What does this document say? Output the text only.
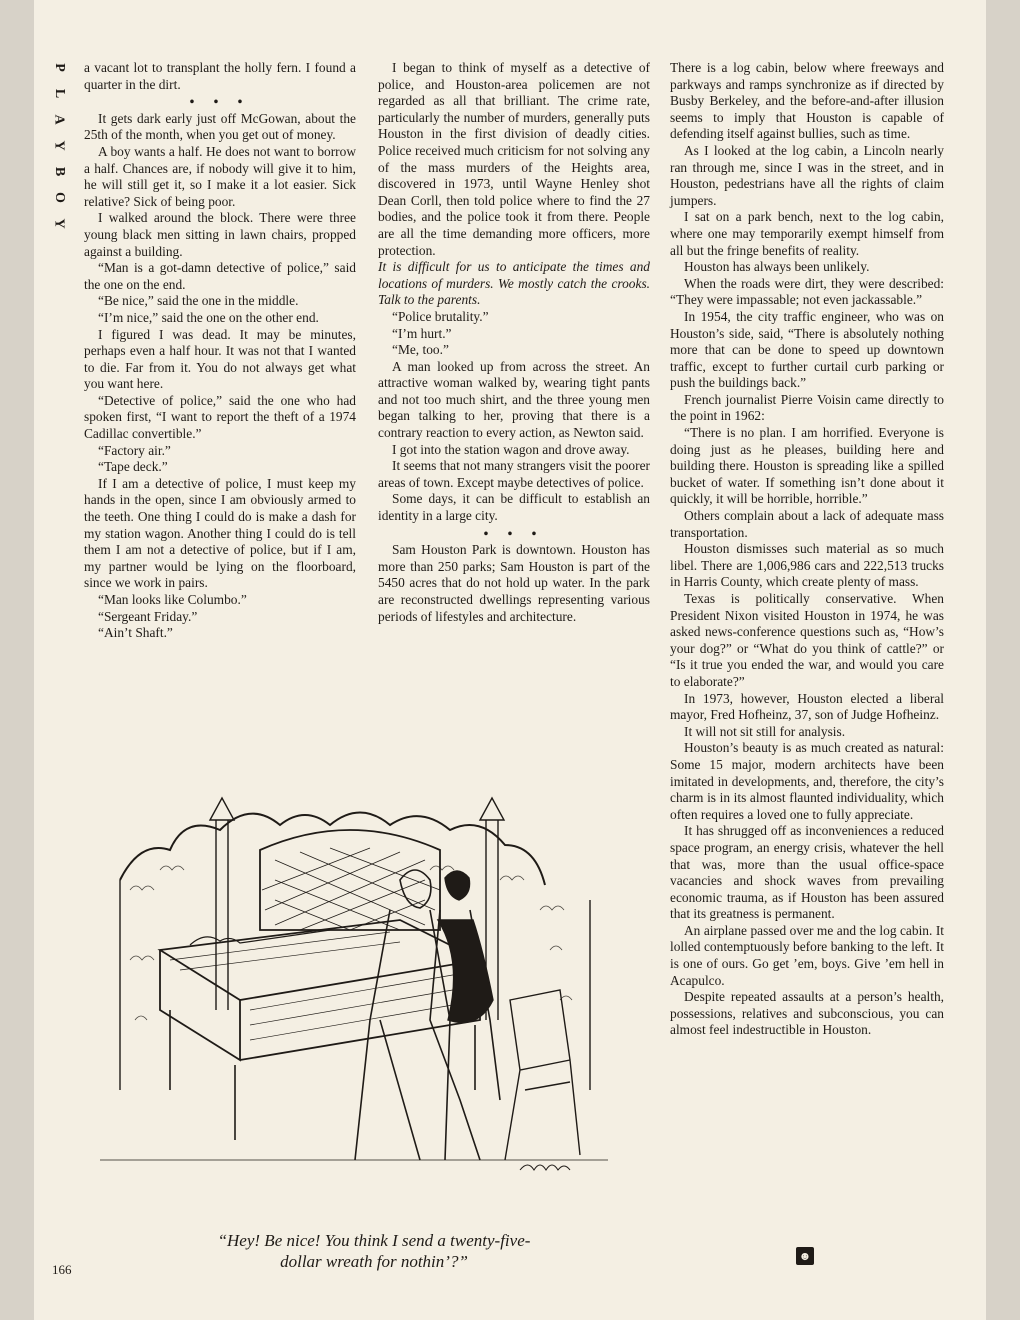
P
L
A
Y
B
O
Y

a vacant lot to transplant the holly fern. I found a quarter in the dirt.

• • •

It gets dark early just off McGowan, about the 25th of the month, when you get out of money.

A boy wants a half. He does not want to borrow a half. Chances are, if nobody will give it to him, he will still get it, so I make it a lot easier. Sick relative? Sick of being poor.

I walked around the block. There were three young black men sitting in lawn chairs, propped against a building.

“Man is a got-damn detective of police,” said the one on the end.

“Be nice,” said the one in the middle.

“I’m nice,” said the one on the other end.

I figured I was dead. It may be minutes, perhaps even a half hour. It was not that I wanted to die. Far from it. You do not always get what you want here.

“Detective of police,” said the one who had spoken first, “I want to report the theft of a 1974 Cadillac convertible.”

“Factory air.”

“Tape deck.”

If I am a detective of police, I must keep my hands in the open, since I am obviously armed to the teeth. One thing I could do is make a dash for my station wagon. Another thing I could do is tell them I am not a detective of police, but if I am, my partner would be lying on the floorboard, since we work in pairs.

“Man looks like Columbo.”

“Sergeant Friday.”

“Ain’t Shaft.”

I began to think of myself as a detective of police, and Houston-area policemen are not regarded as all that brilliant. The crime rate, particularly the number of murders, generally puts Houston in the first division of deadly cities. Police received much criticism for not solving any of the mass murders of the Heights area, discovered in 1973, until Wayne Henley shot Dean Corll, then told police where to find the 27 bodies, and the police took it from there. People are all the time demanding more officers, more protection.

It is difficult for us to anticipate the times and locations of murders. We mostly catch the crooks. Talk to the parents.

“Police brutality.”

“I’m hurt.”

“Me, too.”

A man looked up from across the street. An attractive woman walked by, wearing tight pants and not too much shirt, and the three young men began talking to her, proving that there is a contrary reaction to every action, as Newton said.

I got into the station wagon and drove away.

It seems that not many strangers visit the poorer areas of town. Except maybe detectives of police.

Some days, it can be difficult to establish an identity in a large city.

• • •

Sam Houston Park is downtown. Houston has more than 250 parks; Sam Houston is part of the 5450 acres that do not hold up water. In the park are reconstructed dwellings representing various periods of lifestyles and architecture.

There is a log cabin, below where freeways and parkways and ramps synchronize as if directed by Busby Berkeley, and the before-and-after illusion seems to imply that Houston is capable of defending itself against bullies, such as time.

As I looked at the log cabin, a Lincoln nearly ran through me, since I was in the street, and in Houston, pedestrians have all the rights of claim jumpers.

I sat on a park bench, next to the log cabin, where one may temporarily exempt himself from all but the fringe benefits of reality.

Houston has always been unlikely.

When the roads were dirt, they were described: “They were impassable; not even jackassable.”

In 1954, the city traffic engineer, who was on Houston’s side, said, “There is absolutely nothing more that can be done to speed up downtown traffic, except to further curtail curb parking or push the buildings back.”

French journalist Pierre Voisin came directly to the point in 1962:

“There is no plan. I am horrified. Everyone is doing just as he pleases, building here and building there. Houston is spreading like a spilled bucket of water. If something isn’t done about it quickly, it will be horrible, horrible.”

Others complain about a lack of adequate mass transportation.

Houston dismisses such material as so much libel. There are 1,006,986 cars and 222,513 trucks in Harris County, which create plenty of mass.

Texas is politically conservative. When President Nixon visited Houston in 1974, he was asked news-conference questions such as, “How’s your dog?” or “What do you think of cattle?” or “Is it true you ended the war, and would you care to elaborate?”

In 1973, however, Houston elected a liberal mayor, Fred Hofheinz, 37, son of Judge Hofheinz.

It will not sit still for analysis.

Houston’s beauty is as much created as natural: Some 15 major, modern architects have been imitated in developments, and, therefore, the city’s charm is in its almost flaunted individuality, which often requires a loved one to fully appreciate.

It has shrugged off as inconveniences a reduced space program, an energy crisis, whatever the hell that was, more than the usual office-space vacancies and shock waves from prevailing economic trauma, as if Houston has been assured that its greatness is permanent.

An airplane passed over me and the log cabin. It lolled contemptuously before banking to the left. It is one of ours. Go get ’em, boys. Give ’em hell in Acapulco.

Despite repeated assaults at a person’s health, possessions, relatives and subconscious, you can almost feel indestructible in Houston.

“Hey! Be nice! You think I send a twenty-five-

dollar wreath for nothin’?”

166
☻
